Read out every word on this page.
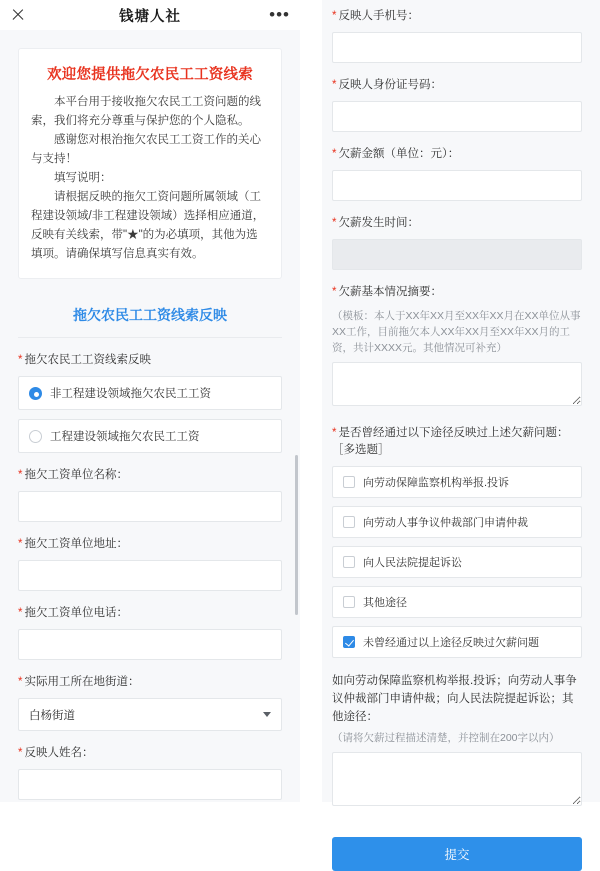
钱塘人社	•••
欢迎您提供拖欠农民工工资线索

本平台用于接收拖欠农民工工资问题的线索，我们将充分尊重与保护您的个人隐私。

感谢您对根治拖欠农民工工资工作的关心与支持！

填写说明：

请根据反映的拖欠工资问题所属领域（工程建设领域/非工程建设领域）选择相应通道，反映有关线索，带"★"的为必填项，其他为选填项。请确保填写信息真实有效。

拖欠农民工工资线索反映
* 拖欠农民工工资线索反映
非工程建设领域拖欠农民工工资
工程建设领域拖欠农民工工资
* 拖欠工资单位名称：
* 拖欠工资单位地址：
* 拖欠工资单位电话：
* 实际用工所在地街道：
白杨街道
* 反映人姓名：
* 反映人手机号：
* 反映人身份证号码：
* 欠薪金额（单位：元）：
* 欠薪发生时间：
* 欠薪基本情况摘要：
（模板：本人于XX年XX月至XX年XX月在XX单位从事XX工作，目前拖欠本人XX年XX月至XX年XX月的工资，共计XXXX元。其他情况可补充）
* 是否曾经通过以下途径反映过上述欠薪问题：［多选题］
向劳动保障监察机构举报.投诉
向劳动人事争议仲裁部门申请仲裁
向人民法院提起诉讼
其他途径
未曾经通过以上途径反映过欠薪问题
如向劳动保障监察机构举报.投诉；向劳动人事争议仲裁部门申请仲裁；向人民法院提起诉讼；其他途径：
（请将欠薪过程描述清楚，并控制在200字以内）
提交
